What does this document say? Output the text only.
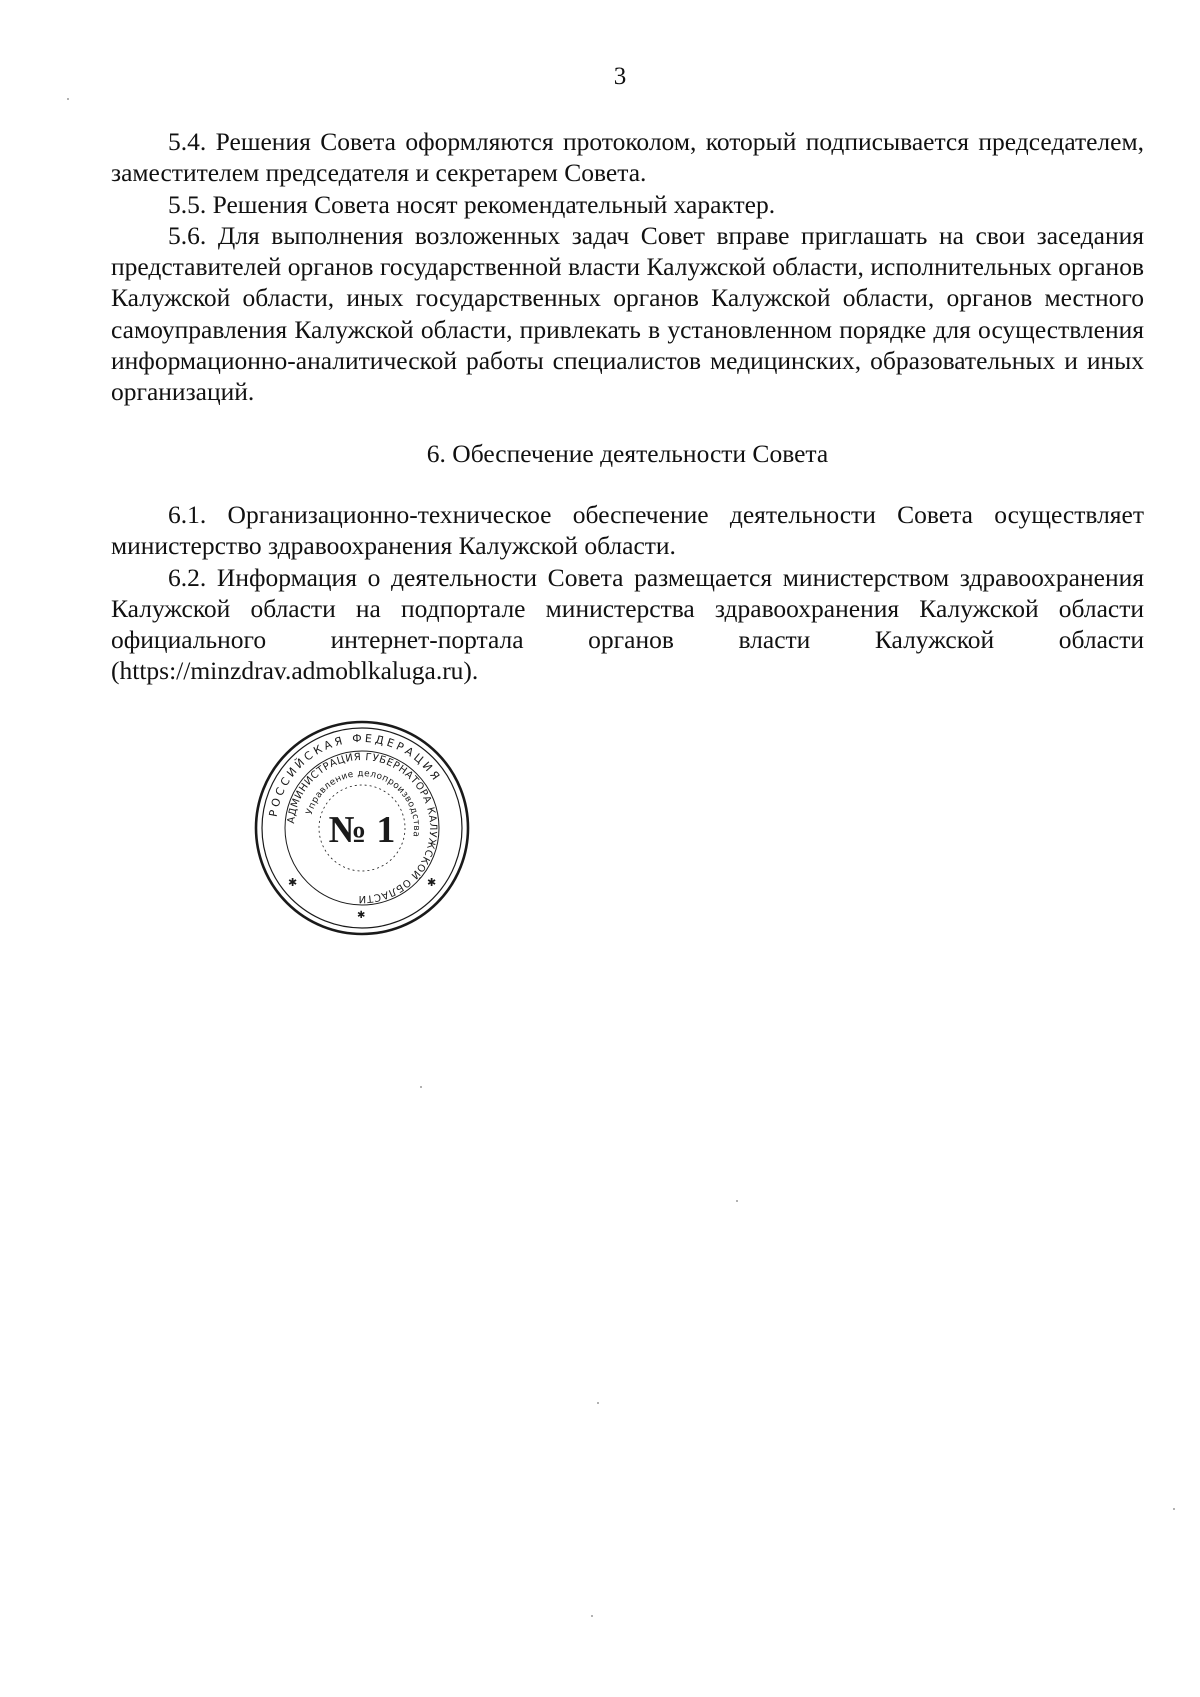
3

5.4. Решения Совета оформляются протоколом, который подписывается председателем, заместителем председателя и секретарем Совета.

5.5. Решения Совета носят рекомендательный характер.

5.6. Для выполнения возложенных задач Совет вправе приглашать на свои заседания представителей органов государственной власти Калужской области, исполнительных органов Калужской области, иных государственных органов Калужской области, органов местного самоуправления Калужской области, привлекать в установленном порядке для осуществления информационно-аналитической работы специалистов медицинских, образовательных и иных организаций.

6. Обеспечение деятельности Совета

6.1. Организационно-техническое обеспечение деятельности Совета осуществляет министерство здравоохранения Калужской области.

6.2. Информация о деятельности Совета размещается министерством здравоохранения Калужской области на подпортале министерства здравоохранения Калужской области официального интернет-портала органов власти Калужской области (https://minzdrav.admoblkaluga.ru).

РОССИЙСКАЯ ФЕДЕРАЦИЯ
АДМИНИСТРАЦИЯ ГУБЕРНАТОРА КАЛУЖСКОЙ ОБЛАСТИ
Управление делопроизводства
№ 1
✱	✱
✱
